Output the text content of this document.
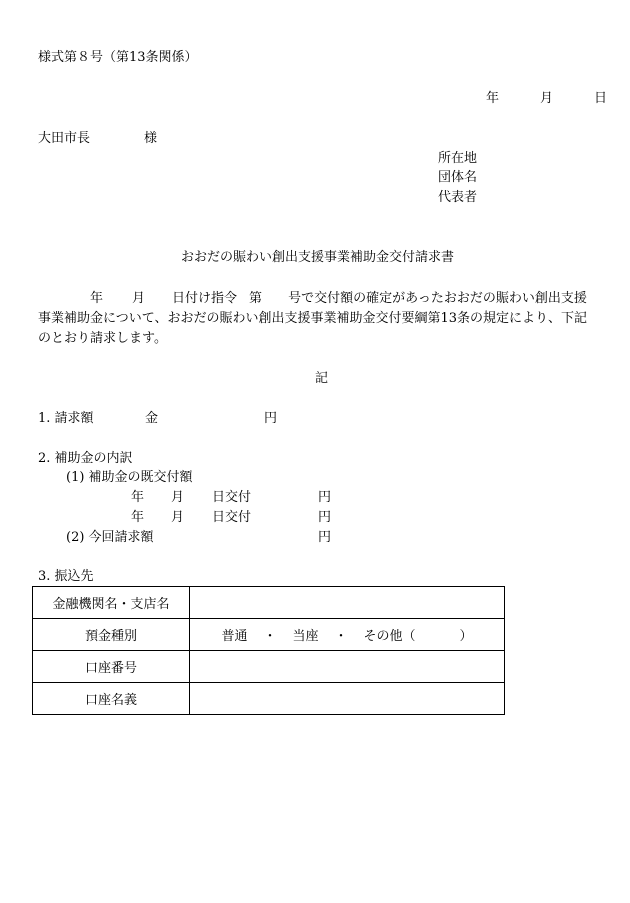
様式第８号（第13条関係）
年	月	日
大田市長	様
所在地
団体名
代表者
おおだの賑わい創出支援事業補助金交付請求書
年 月 日付け指令 第 号で交付額の確定があったおおだの賑わい創出支援
事業補助金について、おおだの賑わい創出支援事業補助金交付要綱第13条の規定により、下記
のとおり請求します。
記
1. 請求額	金	円
2. 補助金の内訳
(1) 補助金の既交付額
年 月 日交付	円
年 月 日交付	円
(2) 今回請求額	円
3. 振込先
金融機関名・支店名	
預金種別	普通 ・ 当座 ・ その他（ ）
口座番号	
口座名義	
